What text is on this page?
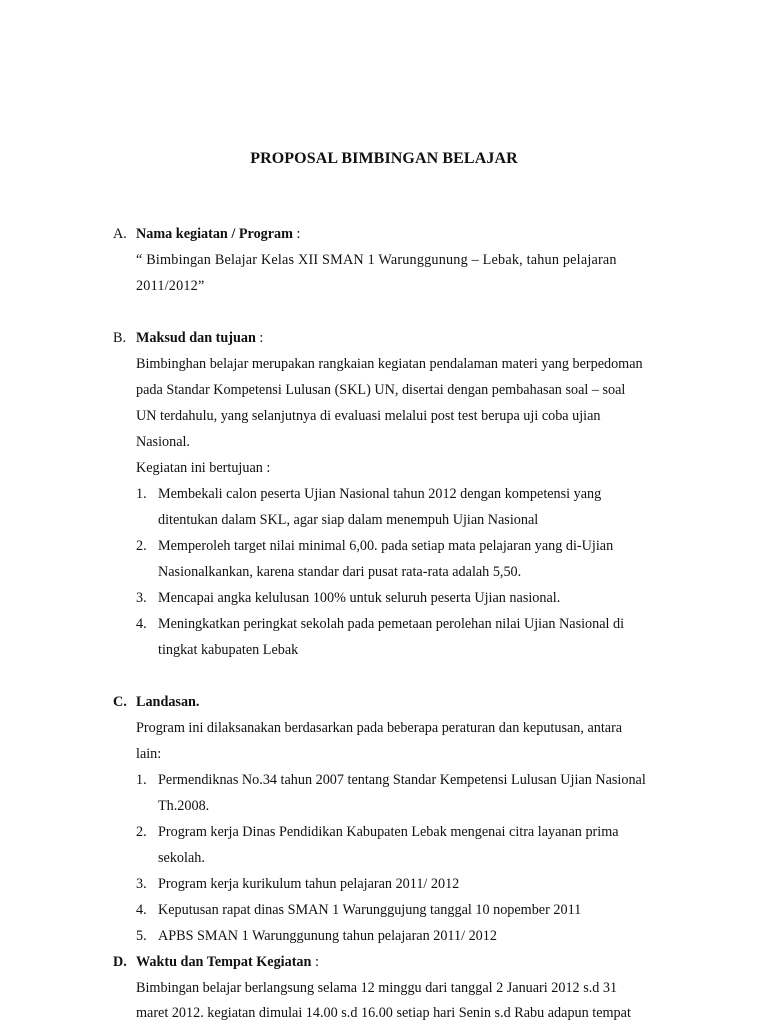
PROPOSAL BIMBINGAN BELAJAR
A. Nama kegiatan / Program :
“ Bimbingan Belajar Kelas XII SMAN 1 Warunggunung – Lebak, tahun pelajaran
2011/2012”
B. Maksud dan tujuan :
Bimbinghan belajar merupakan rangkaian kegiatan pendalaman materi yang berpedoman
pada Standar Kompetensi Lulusan (SKL) UN, disertai dengan pembahasan soal – soal
UN terdahulu, yang selanjutnya di evaluasi melalui post test berupa uji coba ujian
Nasional.
Kegiatan ini bertujuan :
1. Membekali calon peserta Ujian Nasional tahun 2012 dengan kompetensi yang
ditentukan dalam SKL, agar siap dalam menempuh Ujian Nasional
2. Memperoleh target nilai minimal 6,00. pada setiap mata pelajaran yang di-Ujian
Nasionalkankan, karena standar dari pusat rata-rata adalah 5,50.
3. Mencapai angka kelulusan 100% untuk seluruh peserta Ujian nasional.
4. Meningkatkan peringkat sekolah pada pemetaan perolehan nilai Ujian Nasional di
tingkat kabupaten Lebak
C. Landasan.
Program ini dilaksanakan berdasarkan pada beberapa peraturan dan keputusan, antara
lain:
1. Permendiknas No.34 tahun 2007 tentang Standar Kempetensi Lulusan Ujian Nasional
Th.2008.
2. Program kerja Dinas Pendidikan Kabupaten Lebak mengenai citra layanan prima
sekolah.
3. Program kerja kurikulum tahun pelajaran 2011/ 2012
4. Keputusan rapat dinas SMAN 1 Warunggujung tanggal 10 nopember 2011
5. APBS SMAN 1 Warunggunung tahun pelajaran 2011/ 2012
D. Waktu dan Tempat Kegiatan :
Bimbingan belajar berlangsung selama 12 minggu dari tanggal 2 Januari 2012 s.d 31
maret 2012. kegiatan dimulai 14.00 s.d 16.00 setiap hari Senin s.d Rabu adapun tempat
